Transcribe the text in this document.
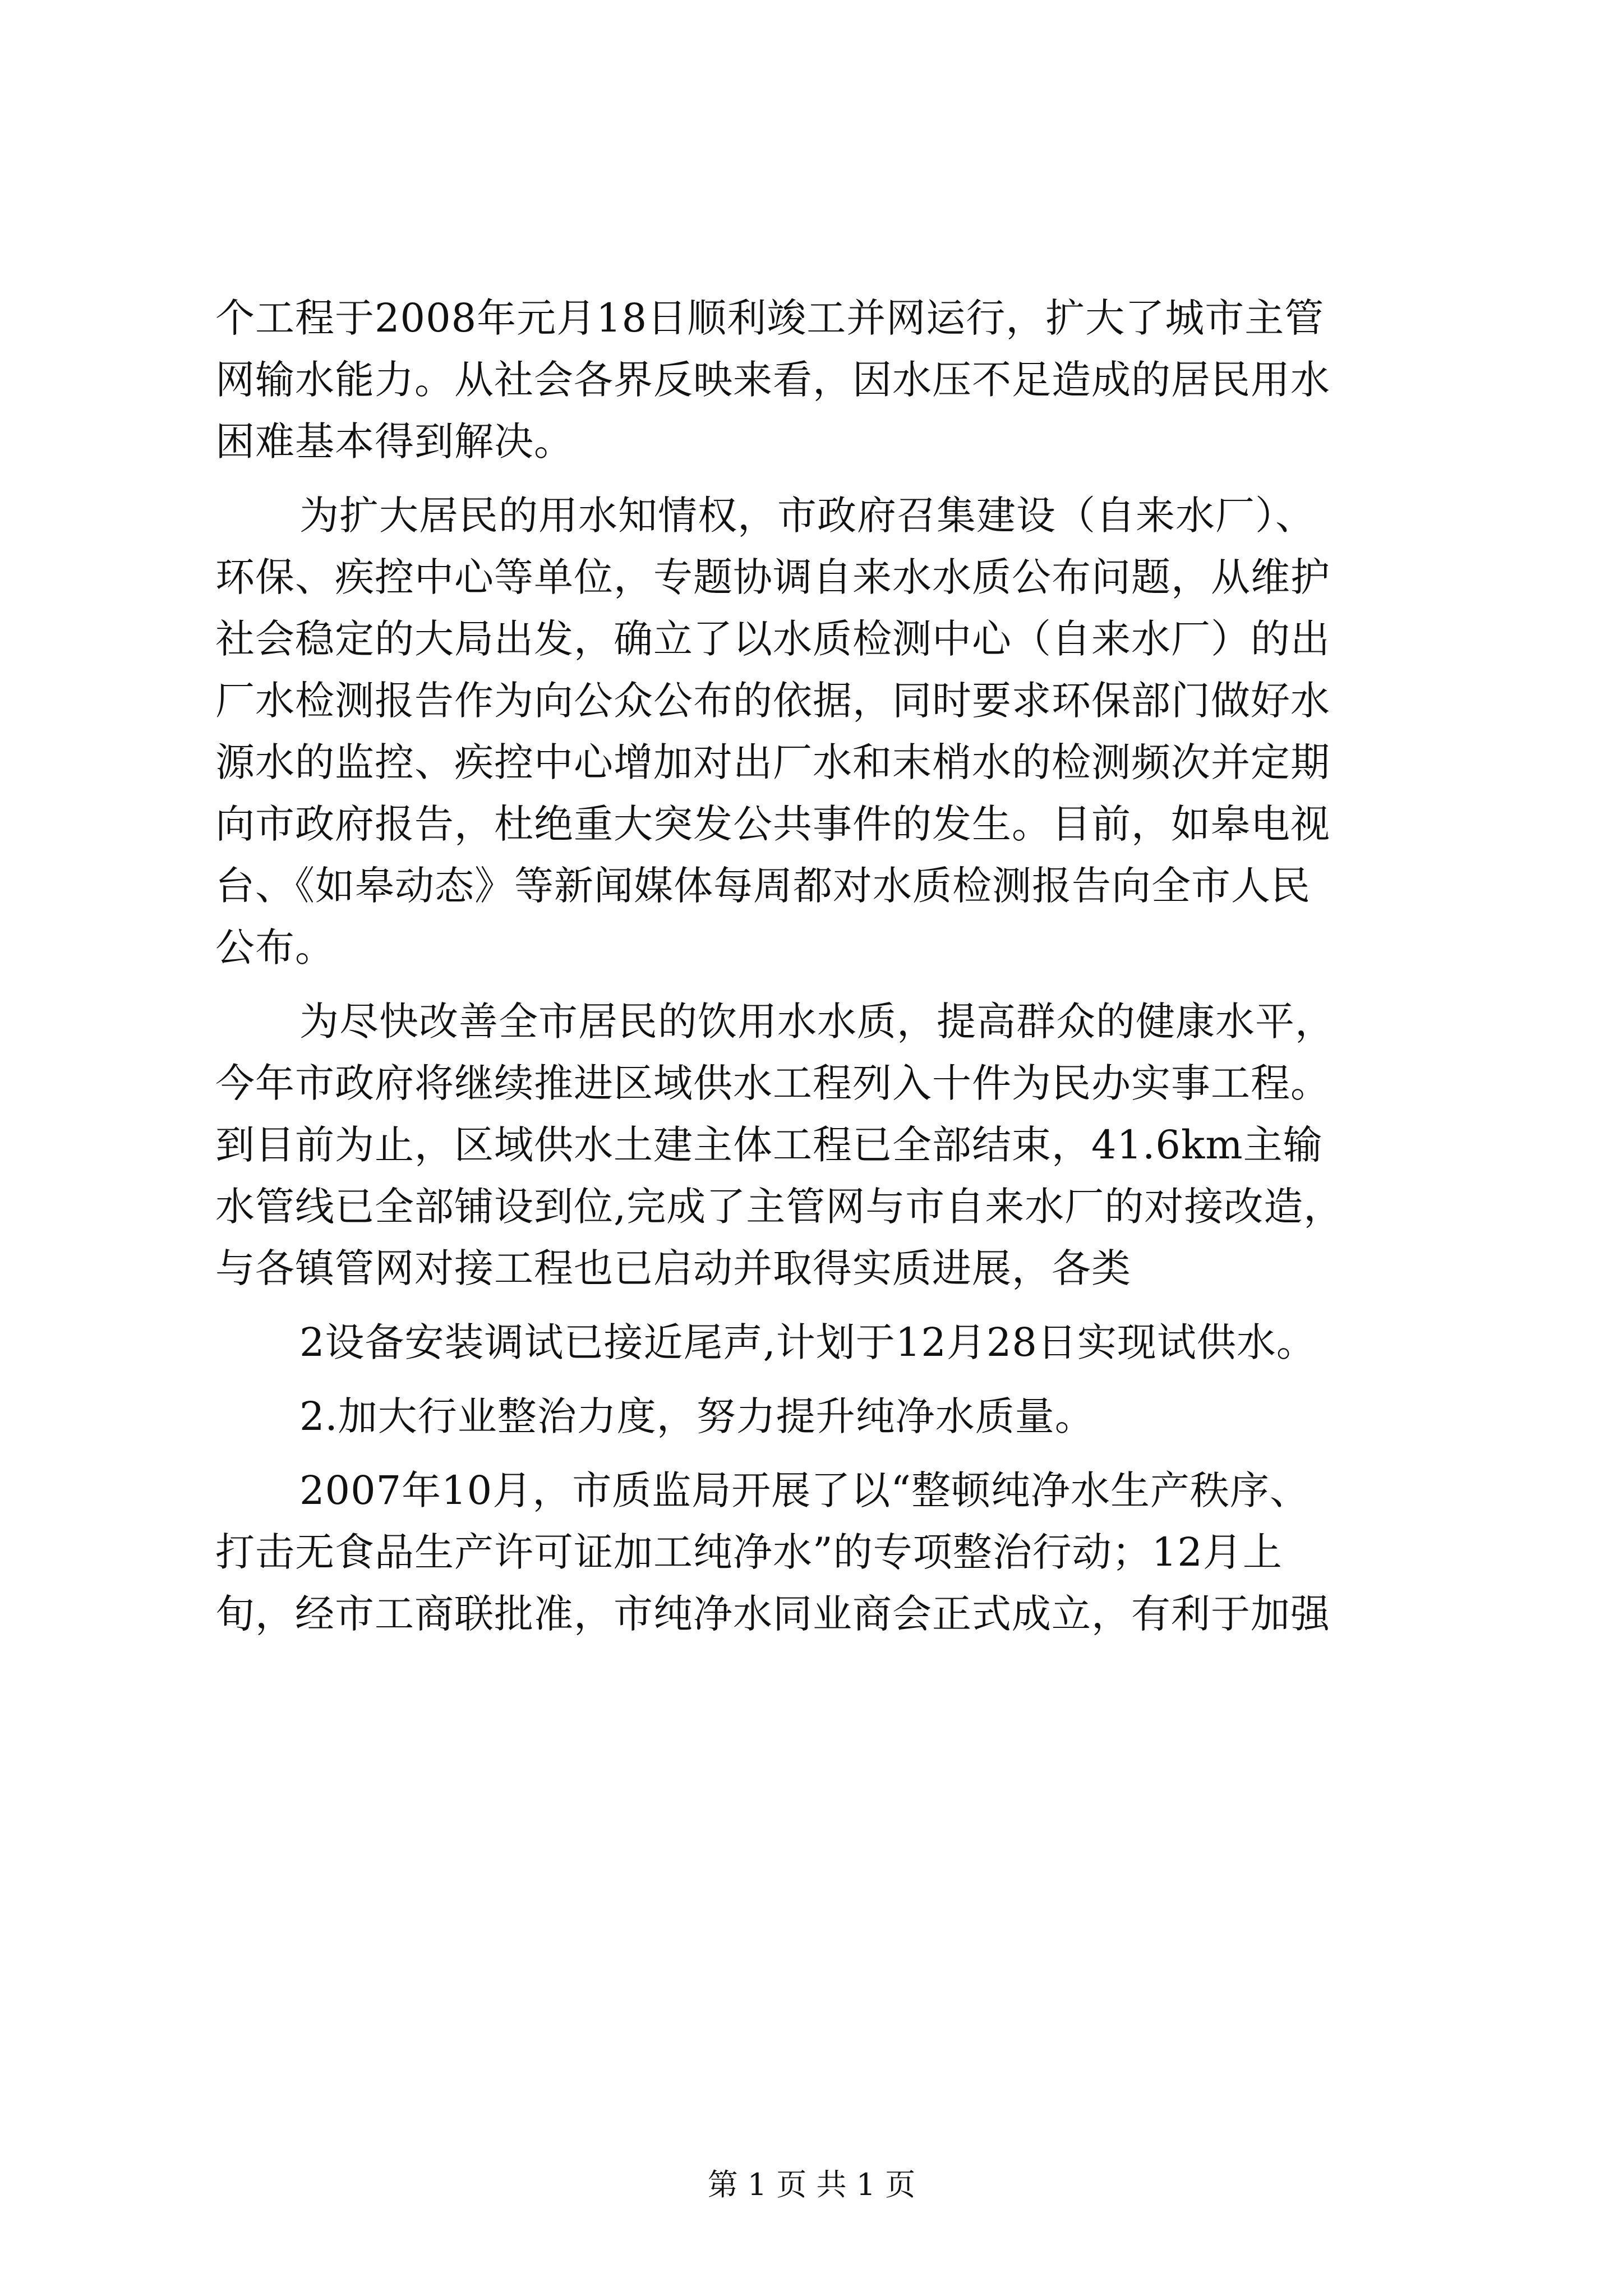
个工程于2008年元月18日顺利竣工并网运行，扩大了城市主管
网输水能力。从社会各界反映来看，因水压不足造成的居民用水
困难基本得到解决。
为扩大居民的用水知情权，市政府召集建设（自来水厂）、
环保、疾控中心等单位，专题协调自来水水质公布问题，从维护
社会稳定的大局出发，确立了以水质检测中心（自来水厂）的出
厂水检测报告作为向公众公布的依据，同时要求环保部门做好水
源水的监控、疾控中心增加对出厂水和末梢水的检测频次并定期
向市政府报告，杜绝重大突发公共事件的发生。目前，如皋电视
台、《如皋动态》等新闻媒体每周都对水质检测报告向全市人民
公布。
为尽快改善全市居民的饮用水水质，提高群众的健康水平，
今年市政府将继续推进区域供水工程列入十件为民办实事工程。
到目前为止，区域供水土建主体工程已全部结束，41.6km主输
水管线已全部铺设到位,完成了主管网与市自来水厂的对接改造，
与各镇管网对接工程也已启动并取得实质进展，各类
2设备安装调试已接近尾声,计划于12月28日实现试供水。
2.加大行业整治力度，努力提升纯净水质量。
2007年10月，市质监局开展了以“整顿纯净水生产秩序、
打击无食品生产许可证加工纯净水”的专项整治行动；12月上
旬，经市工商联批准，市纯净水同业商会正式成立，有利于加强
第 1 页 共 1 页
